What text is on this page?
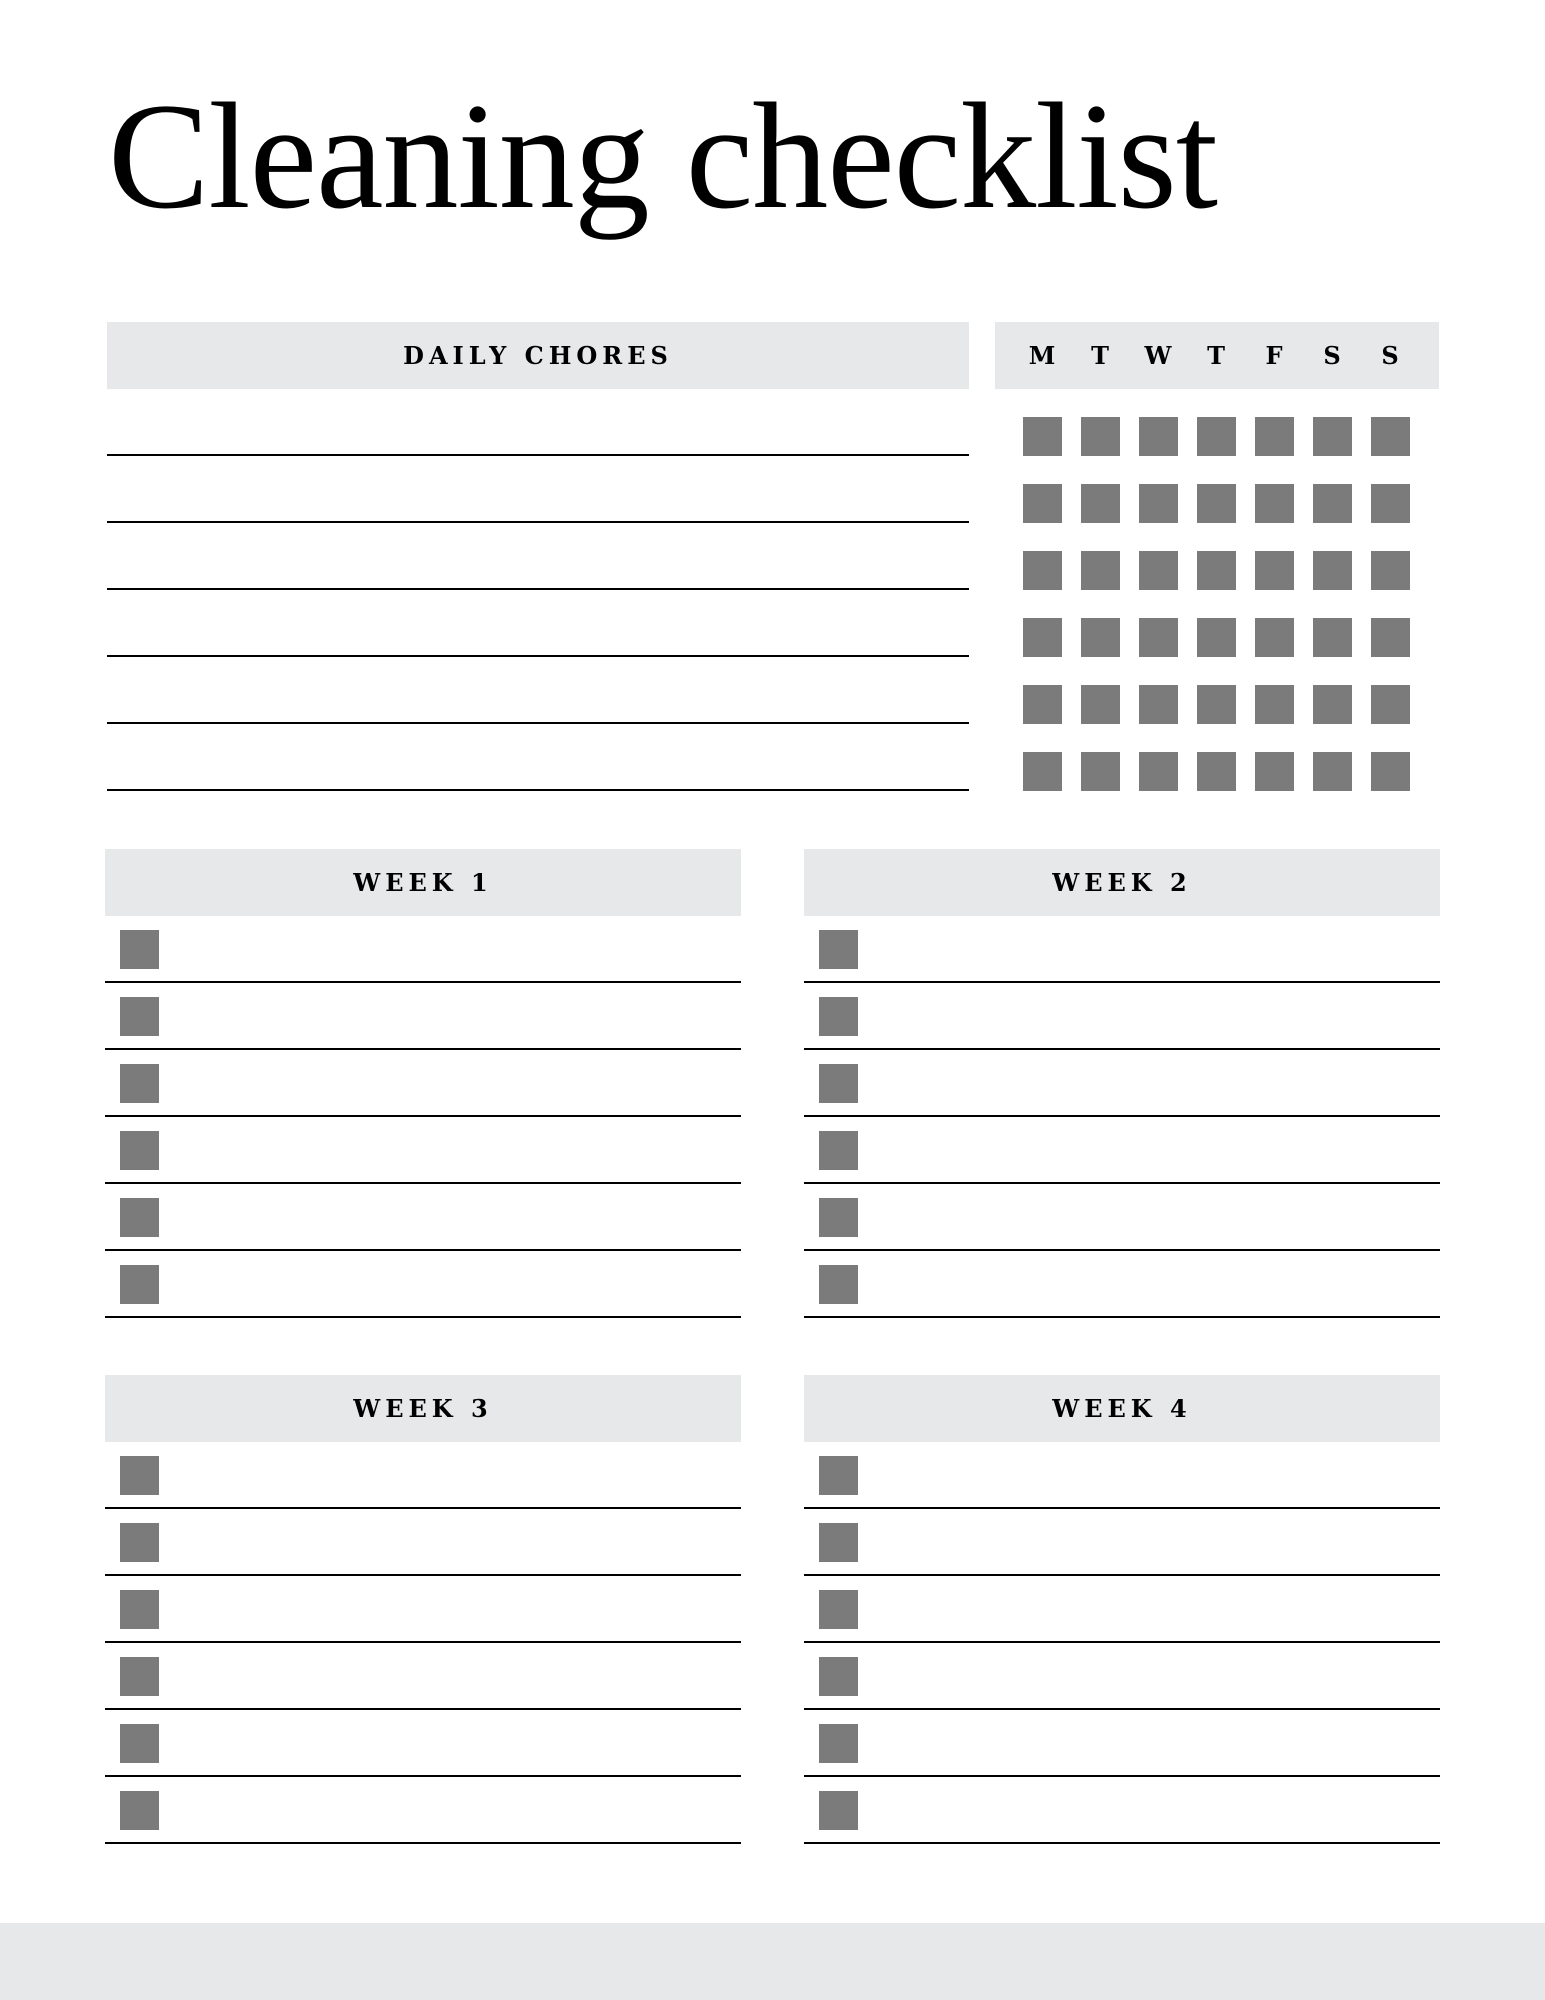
Cleaning checklist
DAILY CHORES	M	T	W	T	F	S	S
WEEK 1	WEEK 2
WEEK 3	WEEK 4
